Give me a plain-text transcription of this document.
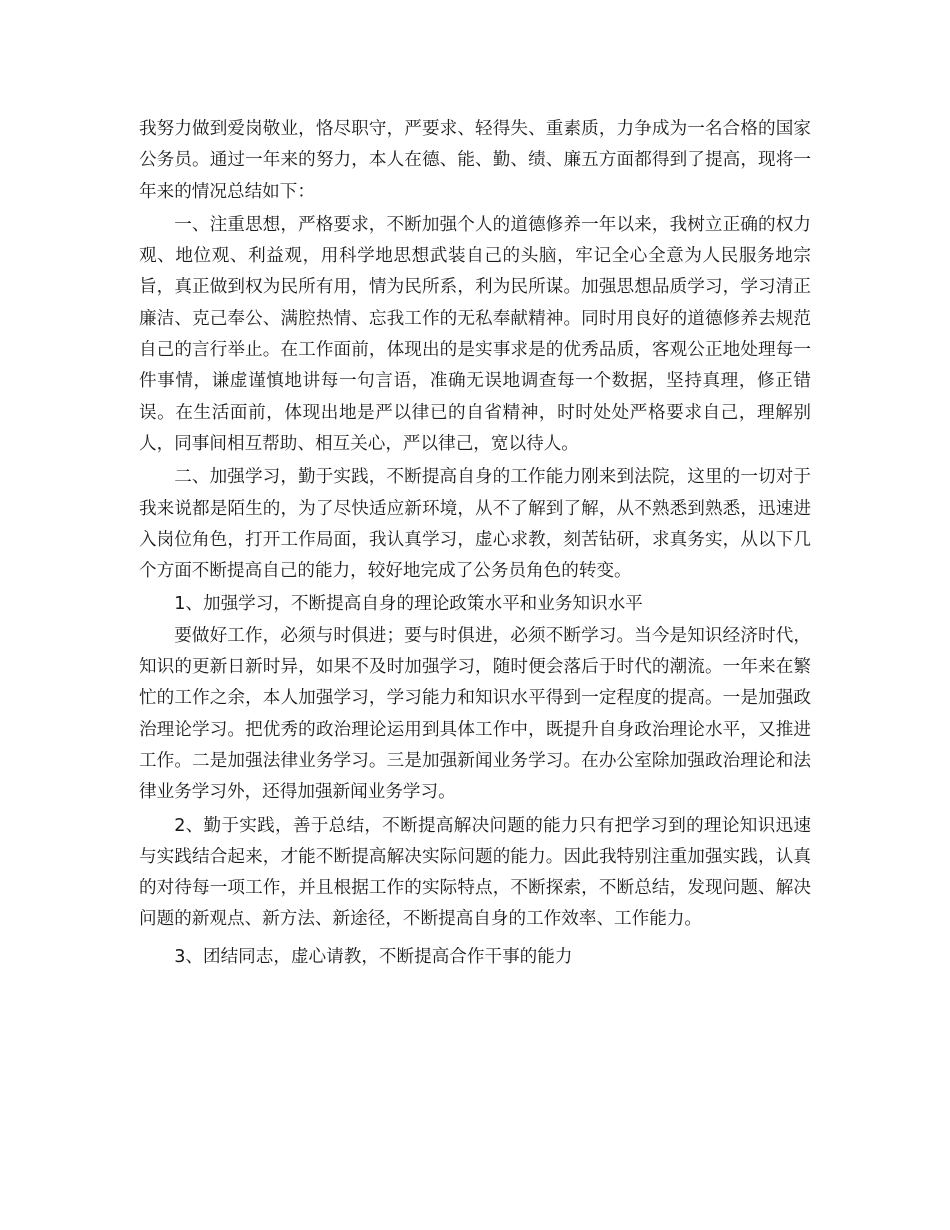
我努力做到爱岗敬业，恪尽职守，严要求、轻得失、重素质，力争成为一名合格的国家公务员。通过一年来的努力，本人在德、能、勤、绩、廉五方面都得到了提高，现将一年来的情况总结如下：

一、注重思想，严格要求，不断加强个人的道德修养一年以来，我树立正确的权力观、地位观、利益观，用科学地思想武装自己的头脑，牢记全心全意为人民服务地宗旨，真正做到权为民所有用，情为民所系，利为民所谋。加强思想品质学习，学习清正廉洁、克己奉公、满腔热情、忘我工作的无私奉献精神。同时用良好的道德修养去规范自己的言行举止。在工作面前，体现出的是实事求是的优秀品质，客观公正地处理每一件事情，谦虚谨慎地讲每一句言语，准确无误地调查每一个数据，坚持真理，修正错误。在生活面前，体现出地是严以律已的自省精神，时时处处严格要求自己，理解别人，同事间相互帮助、相互关心，严以律己，宽以待人。

二、加强学习，勤于实践，不断提高自身的工作能力刚来到法院，这里的一切对于我来说都是陌生的，为了尽快适应新环境，从不了解到了解，从不熟悉到熟悉，迅速进入岗位角色，打开工作局面，我认真学习，虚心求教，刻苦钻研，求真务实，从以下几个方面不断提高自己的能力，较好地完成了公务员角色的转变。

1、加强学习，不断提高自身的理论政策水平和业务知识水平

要做好工作，必须与时俱进；要与时俱进，必须不断学习。当今是知识经济时代，知识的更新日新时异，如果不及时加强学习，随时便会落后于时代的潮流。一年来在繁忙的工作之余，本人加强学习，学习能力和知识水平得到一定程度的提高。一是加强政治理论学习。把优秀的政治理论运用到具体工作中，既提升自身政治理论水平，又推进工作。二是加强法律业务学习。三是加强新闻业务学习。在办公室除加强政治理论和法律业务学习外，还得加强新闻业务学习。

2、勤于实践，善于总结，不断提高解决问题的能力只有把学习到的理论知识迅速与实践结合起来，才能不断提高解决实际问题的能力。因此我特别注重加强实践，认真的对待每一项工作，并且根据工作的实际特点，不断探索，不断总结，发现问题、解决问题的新观点、新方法、新途径，不断提高自身的工作效率、工作能力。

3、团结同志，虚心请教，不断提高合作干事的能力
